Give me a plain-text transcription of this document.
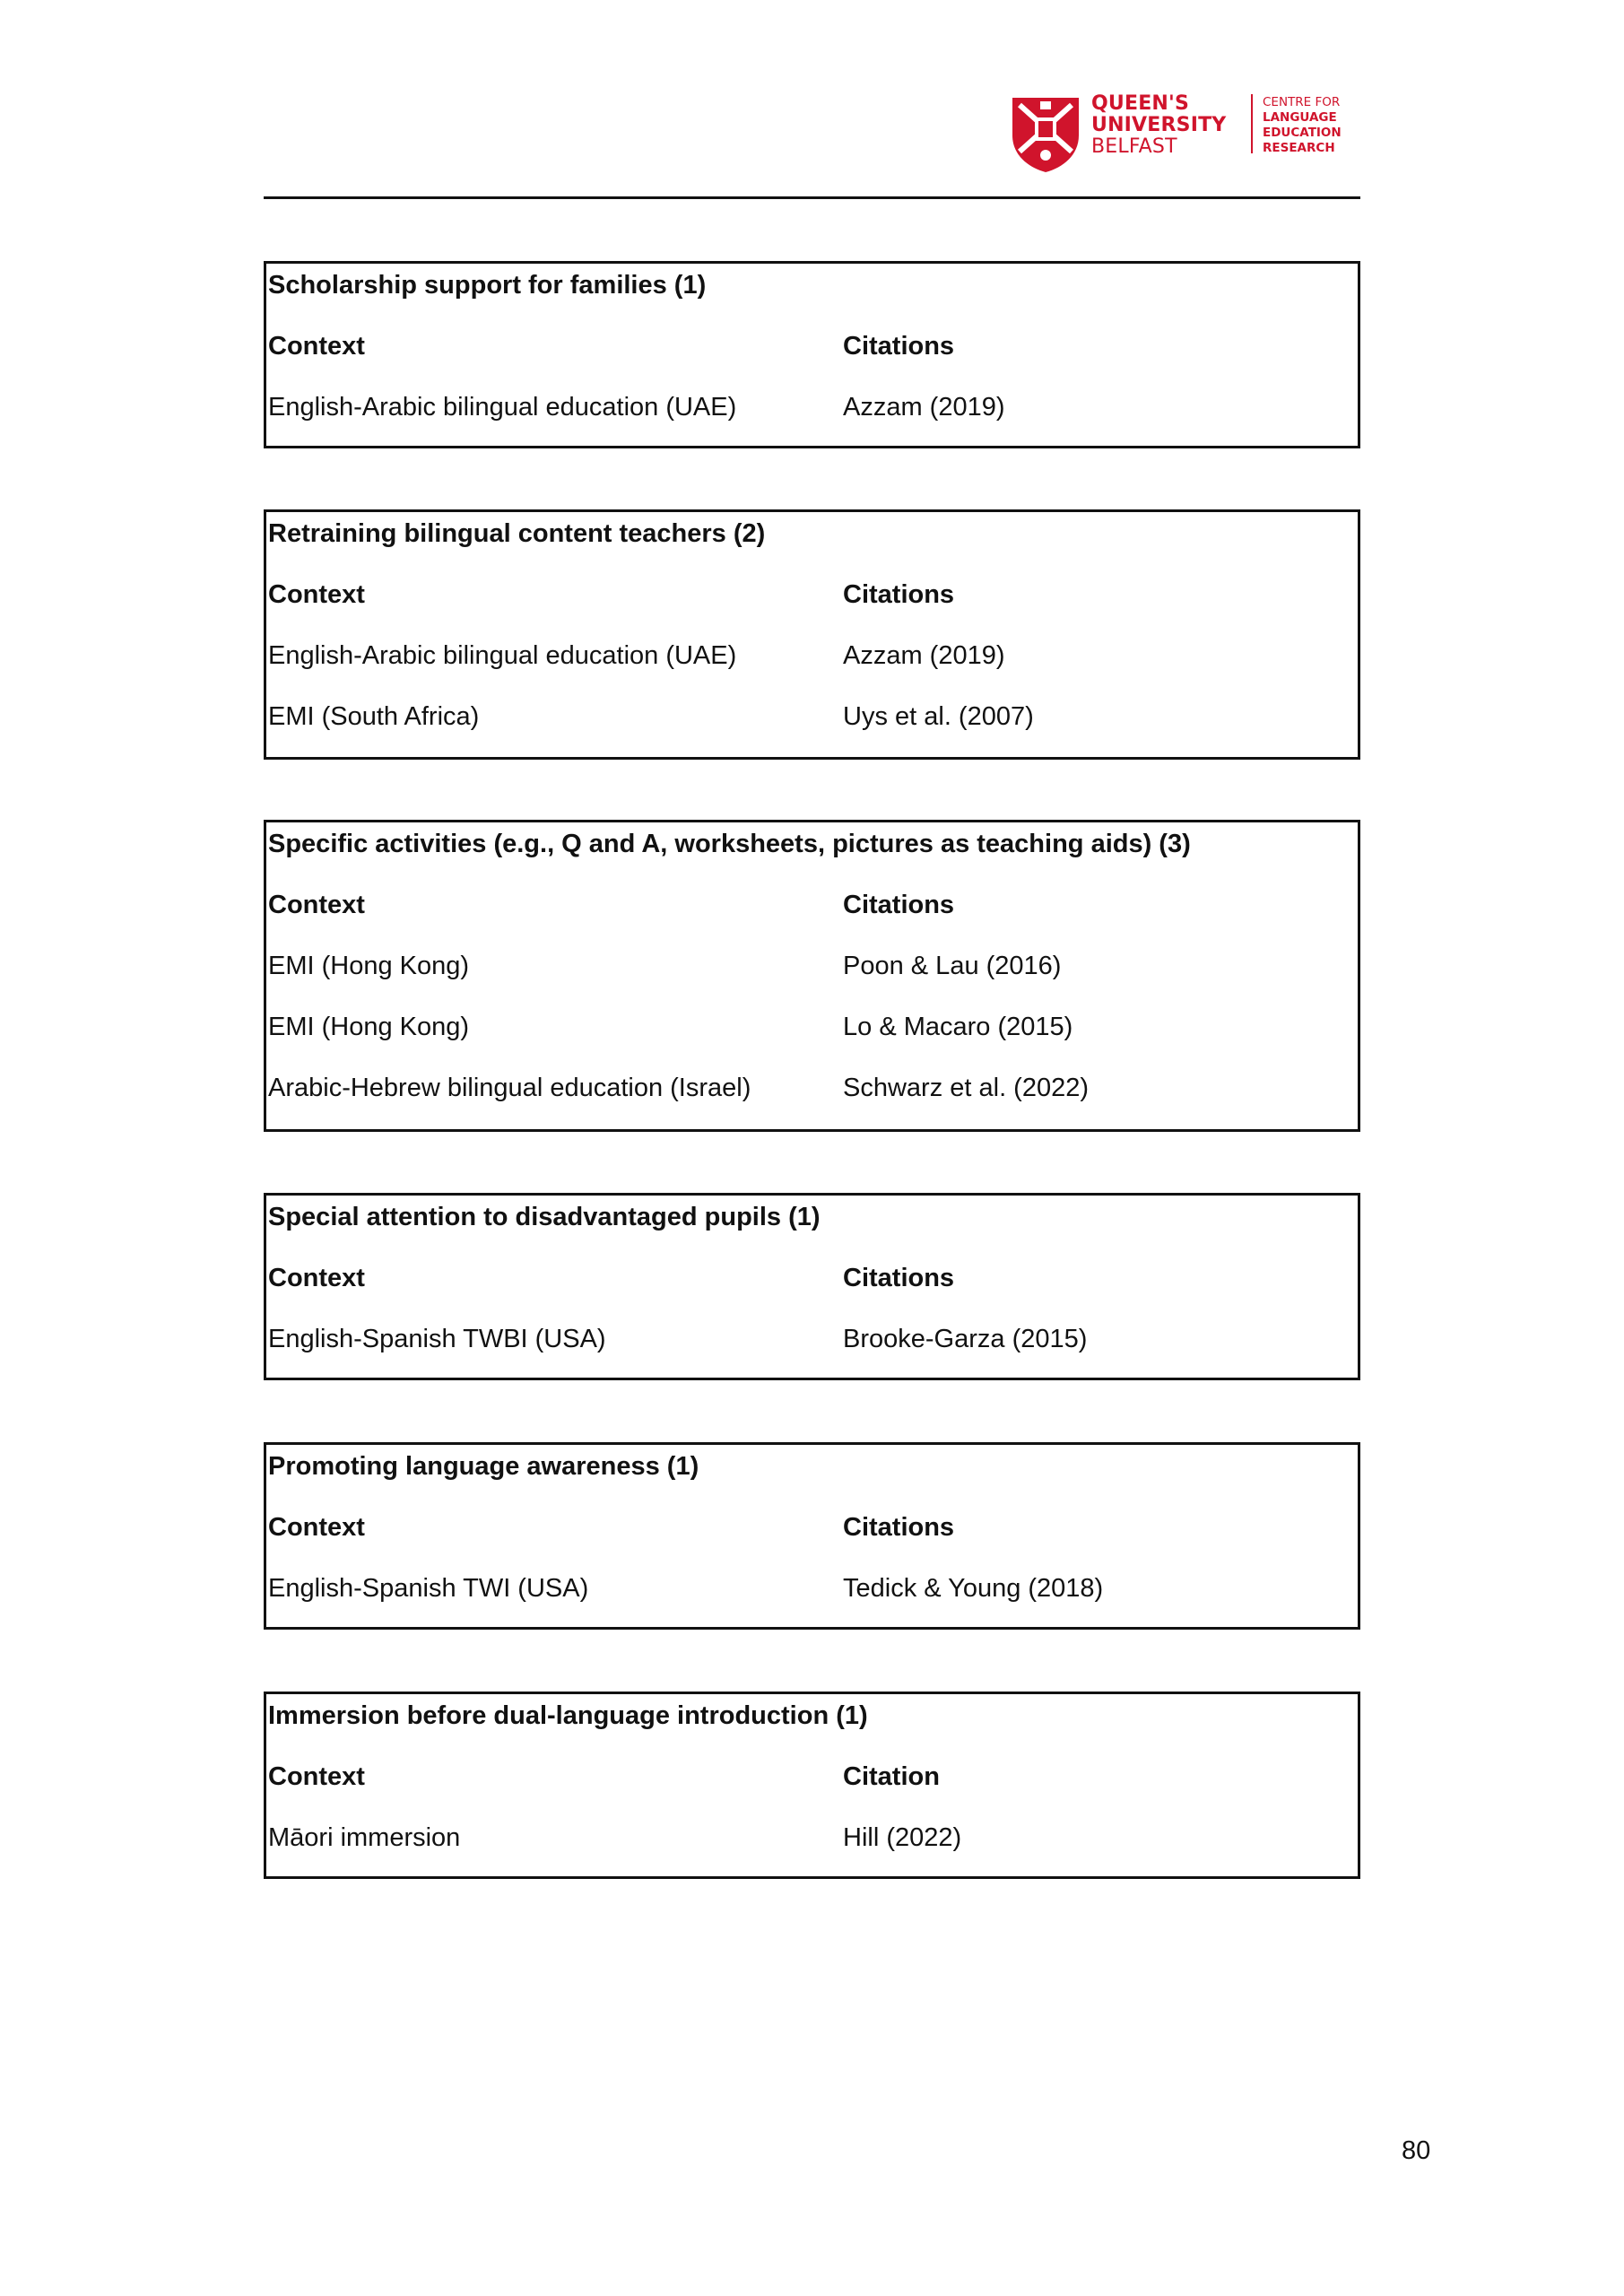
QUEEN'S
UNIVERSITY
BELFAST
CENTRE FOR
LANGUAGE
EDUCATION
RESEARCH
Scholarship support for families (1)
Context	Citations
English-Arabic bilingual education (UAE)	Azzam (2019)
Retraining bilingual content teachers (2)
Context	Citations
English-Arabic bilingual education (UAE)	Azzam (2019)
EMI (South Africa)	Uys et al. (2007)
Specific activities (e.g., Q and A, worksheets, pictures as teaching aids) (3)
Context	Citations
EMI (Hong Kong)	Poon & Lau (2016)
EMI (Hong Kong)	Lo & Macaro (2015)
Arabic-Hebrew bilingual education (Israel)	Schwarz et al. (2022)
Special attention to disadvantaged pupils (1)
Context	Citations
English-Spanish TWBI (USA)	Brooke-Garza (2015)
Promoting language awareness (1)
Context	Citations
English-Spanish TWI (USA)	Tedick & Young (2018)
Immersion before dual-language introduction (1)
Context	Citation
Māori immersion	Hill (2022)
80
